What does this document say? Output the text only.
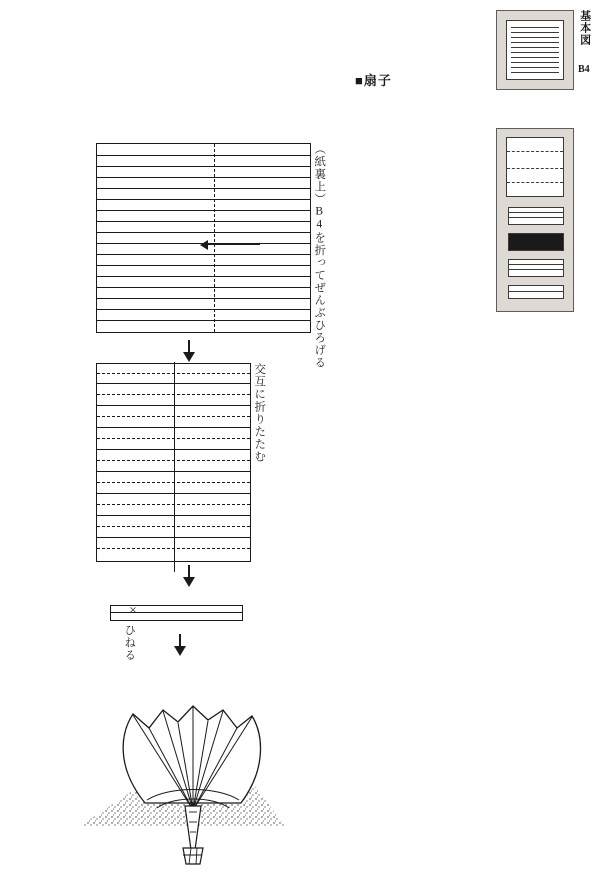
■扇子
基本図
B4
（紙裏上）B4を折ってぜんぶひろげる
交互に折りたたむ
×
ひねる
